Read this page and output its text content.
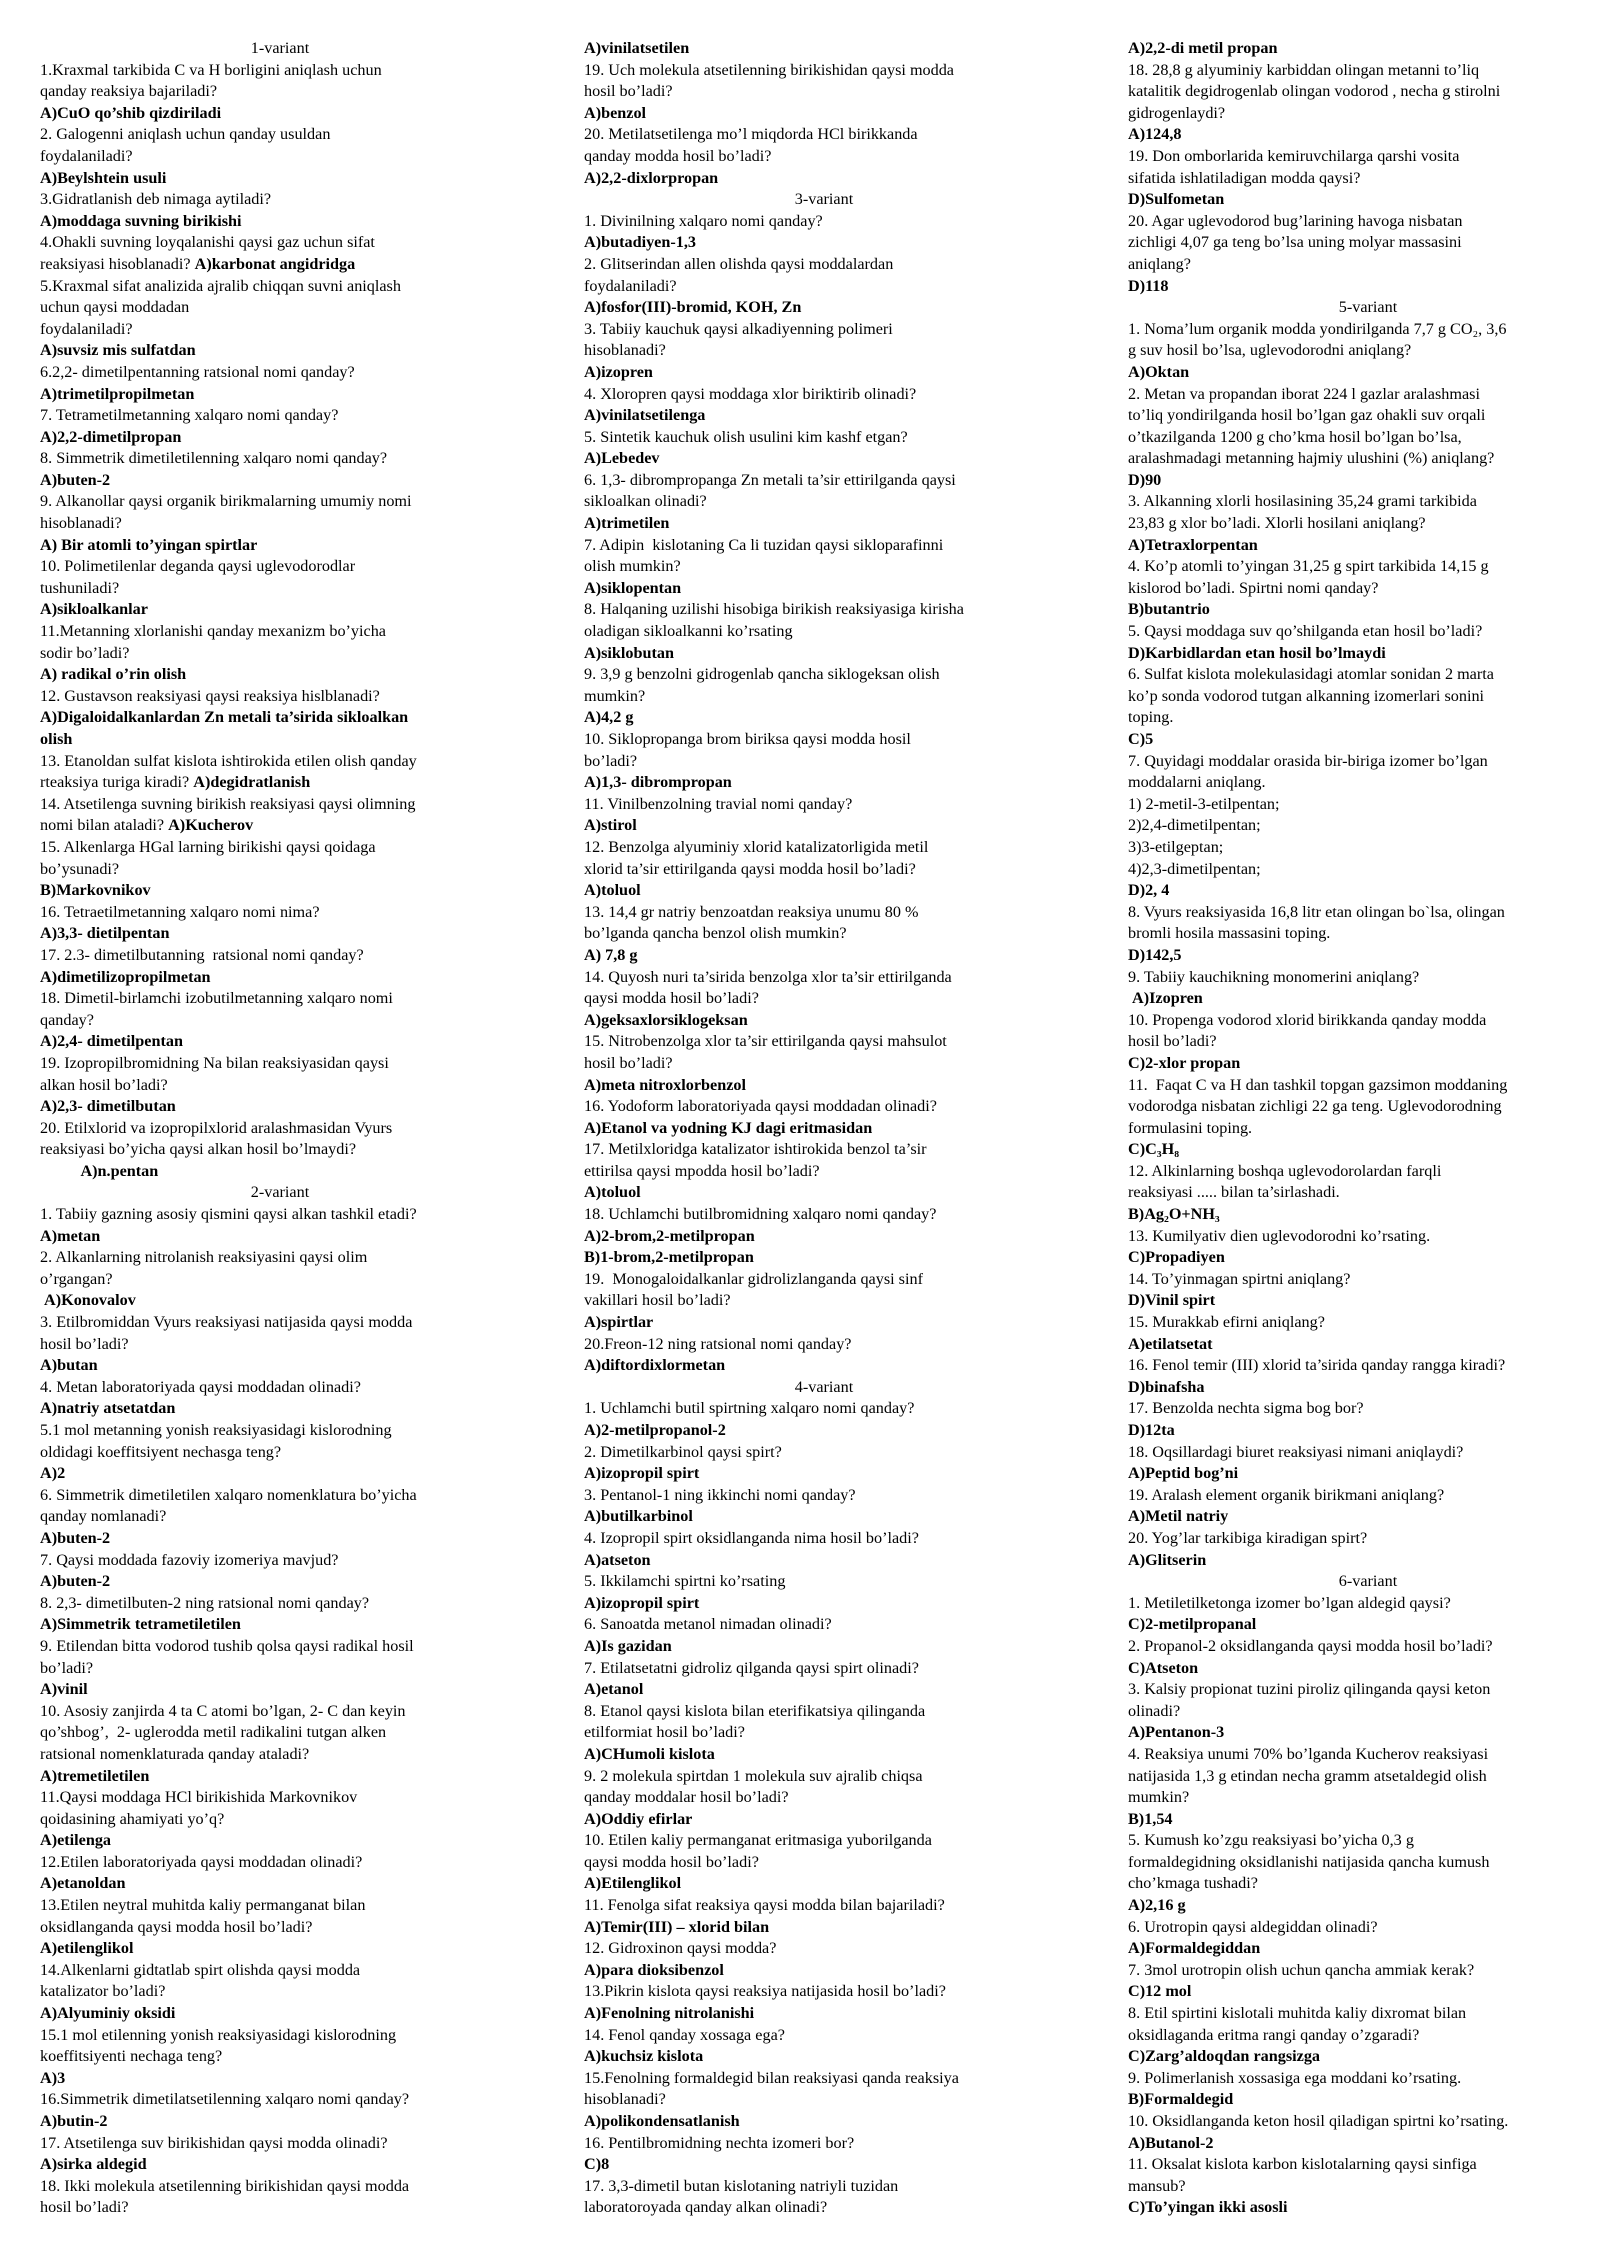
1-variant
1.Kraxmal tarkibida C va H borligini aniqlash uchun
qanday reaksiya bajariladi?
A)CuO qo’shib qizdiriladi
2. Galogenni aniqlash uchun qanday usuldan
foydalaniladi?
A)Beylshtein usuli
3.Gidratlanish deb nimaga aytiladi?
A)moddaga suvning birikishi
4.Ohakli suvning loyqalanishi qaysi gaz uchun sifat
reaksiyasi hisoblanadi? A)karbonat angidridga
5.Kraxmal sifat analizida ajralib chiqqan suvni aniqlash
uchun qaysi moddadan
foydalaniladi?
A)suvsiz mis sulfatdan
6.2,2- dimetilpentanning ratsional nomi qanday?
A)trimetilpropilmetan
7. Tetrametilmetanning xalqaro nomi qanday?
A)2,2-dimetilpropan
8. Simmetrik dimetiletilenning xalqaro nomi qanday?
A)buten-2
9. Alkanollar qaysi organik birikmalarning umumiy nomi
hisoblanadi?
A) Bir atomli to’yingan spirtlar
10. Polimetilenlar deganda qaysi uglevodorodlar
tushuniladi?
A)sikloalkanlar
11.Metanning xlorlanishi qanday mexanizm bo’yicha
sodir bo’ladi?
A) radikal o’rin olish
12. Gustavson reaksiyasi qaysi reaksiya hislblanadi?
A)Digaloidalkanlardan Zn metali ta’sirida sikloalkan
olish
13. Etanoldan sulfat kislota ishtirokida etilen olish qanday
rteaksiya turiga kiradi? A)degidratlanish
14. Atsetilenga suvning birikish reaksiyasi qaysi olimning
nomi bilan ataladi? A)Kucherov
15. Alkenlarga HGal larning birikishi qaysi qoidaga
bo’ysunadi?
B)Markovnikov
16. Tetraetilmetanning xalqaro nomi nima?
A)3,3- dietilpentan
17. 2.3- dimetilbutanning  ratsional nomi qanday?
A)dimetilizopropilmetan
18. Dimetil-birlamchi izobutilmetanning xalqaro nomi
qanday?
A)2,4- dimetilpentan
19. Izopropilbromidning Na bilan reaksiyasidan qaysi
alkan hosil bo’ladi?
A)2,3- dimetilbutan
20. Etilxlorid va izopropilxlorid aralashmasidan Vyurs
reaksiyasi bo’yicha qaysi alkan hosil bo’lmaydi?
A)n.pentan
2-variant
1. Tabiiy gazning asosiy qismini qaysi alkan tashkil etadi?
A)metan
2. Alkanlarning nitrolanish reaksiyasini qaysi olim
o’rgangan?
A)Konovalov
3. Etilbromiddan Vyurs reaksiyasi natijasida qaysi modda
hosil bo’ladi?
A)butan
4. Metan laboratoriyada qaysi moddadan olinadi?
A)natriy atsetatdan
5.1 mol metanning yonish reaksiyasidagi kislorodning
oldidagi koeffitsiyent nechasga teng?
A)2
6. Simmetrik dimetiletilen xalqaro nomenklatura bo’yicha
qanday nomlanadi?
A)buten-2
7. Qaysi moddada fazoviy izomeriya mavjud?
A)buten-2
8. 2,3- dimetilbuten-2 ning ratsional nomi qanday?
A)Simmetrik tetrametiletilen
9. Etilendan bitta vodorod tushib qolsa qaysi radikal hosil
bo’ladi?
A)vinil
10. Asosiy zanjirda 4 ta C atomi bo’lgan, 2- C dan keyin
qo’shbog’,  2- uglerodda metil radikalini tutgan alken
ratsional nomenklaturada qanday ataladi?
A)tremetiletilen
11.Qaysi moddaga HCl birikishida Markovnikov
qoidasining ahamiyati yo’q?
A)etilenga
12.Etilen laboratoriyada qaysi moddadan olinadi?
A)etanoldan
13.Etilen neytral muhitda kaliy permanganat bilan
oksidlanganda qaysi modda hosil bo’ladi?
A)etilenglikol
14.Alkenlarni gidtatlab spirt olishda qaysi modda
katalizator bo’ladi?
A)Alyuminiy oksidi
15.1 mol etilenning yonish reaksiyasidagi kislorodning
koeffitsiyenti nechaga teng?
A)3
16.Simmetrik dimetilatsetilenning xalqaro nomi qanday?
A)butin-2
17. Atsetilenga suv birikishidan qaysi modda olinadi?
A)sirka aldegid
18. Ikki molekula atsetilenning birikishidan qaysi modda
hosil bo’ladi?
A)vinilatsetilen
19. Uch molekula atsetilenning birikishidan qaysi modda
hosil bo’ladi?
A)benzol
20. Metilatsetilenga mo’l miqdorda HCl birikkanda
qanday modda hosil bo’ladi?
A)2,2-dixlorpropan
3-variant
1. Divinilning xalqaro nomi qanday?
A)butadiyen-1,3
2. Glitserindan allen olishda qaysi moddalardan
foydalaniladi?
A)fosfor(III)-bromid, KOH, Zn
3. Tabiiy kauchuk qaysi alkadiyenning polimeri
hisoblanadi?
A)izopren
4. Xloropren qaysi moddaga xlor biriktirib olinadi?
A)vinilatsetilenga
5. Sintetik kauchuk olish usulini kim kashf etgan?
A)Lebedev
6. 1,3- dibrompropanga Zn metali ta’sir ettirilganda qaysi
sikloalkan olinadi?
A)trimetilen
7. Adipin  kislotaning Ca li tuzidan qaysi sikloparafinni
olish mumkin?
A)siklopentan
8. Halqaning uzilishi hisobiga birikish reaksiyasiga kirisha
oladigan sikloalkanni ko’rsating
A)siklobutan
9. 3,9 g benzolni gidrogenlab qancha siklogeksan olish
mumkin?
A)4,2 g
10. Siklopropanga brom biriksa qaysi modda hosil
bo’ladi?
A)1,3- dibrompropan
11. Vinilbenzolning travial nomi qanday?
A)stirol
12. Benzolga alyuminiy xlorid katalizatorligida metil
xlorid ta’sir ettirilganda qaysi modda hosil bo’ladi?
A)toluol
13. 14,4 gr natriy benzoatdan reaksiya unumu 80 %
bo’lganda qancha benzol olish mumkin?
A) 7,8 g
14. Quyosh nuri ta’sirida benzolga xlor ta’sir ettirilganda
qaysi modda hosil bo’ladi?
A)geksaxlorsiklogeksan
15. Nitrobenzolga xlor ta’sir ettirilganda qaysi mahsulot
hosil bo’ladi?
A)meta nitroxlorbenzol
16. Yodoform laboratoriyada qaysi moddadan olinadi?
A)Etanol va yodning KJ dagi eritmasidan
17. Metilxloridga katalizator ishtirokida benzol ta’sir
ettirilsa qaysi mpodda hosil bo’ladi?
A)toluol
18. Uchlamchi butilbromidning xalqaro nomi qanday?
A)2-brom,2-metilpropan
B)1-brom,2-metilpropan
19.  Monogaloidalkanlar gidrolizlanganda qaysi sinf
vakillari hosil bo’ladi?
A)spirtlar
20.Freon-12 ning ratsional nomi qanday?
A)diftordixlormetan
4-variant
1. Uchlamchi butil spirtning xalqaro nomi qanday?
A)2-metilpropanol-2
2. Dimetilkarbinol qaysi spirt?
A)izopropil spirt
3. Pentanol-1 ning ikkinchi nomi qanday?
A)butilkarbinol
4. Izopropil spirt oksidlanganda nima hosil bo’ladi?
A)atseton
5. Ikkilamchi spirtni ko’rsating
A)izopropil spirt
6. Sanoatda metanol nimadan olinadi?
A)Is gazidan
7. Etilatsetatni gidroliz qilganda qaysi spirt olinadi?
A)etanol
8. Etanol qaysi kislota bilan eterifikatsiya qilinganda
etilformiat hosil bo’ladi?
A)CHumoli kislota
9. 2 molekula spirtdan 1 molekula suv ajralib chiqsa
qanday moddalar hosil bo’ladi?
A)Oddiy efirlar
10. Etilen kaliy permanganat eritmasiga yuborilganda
qaysi modda hosil bo’ladi?
A)Etilenglikol
11. Fenolga sifat reaksiya qaysi modda bilan bajariladi?
A)Temir(III) – xlorid bilan
12. Gidroxinon qaysi modda?
A)para dioksibenzol
13.Pikrin kislota qaysi reaksiya natijasida hosil bo’ladi?
A)Fenolning nitrolanishi
14. Fenol qanday xossaga ega?
A)kuchsiz kislota
15.Fenolning formaldegid bilan reaksiyasi qanda reaksiya
hisoblanadi?
A)polikondensatlanish
16. Pentilbromidning nechta izomeri bor?
C)8
17. 3,3-dimetil butan kislotaning natriyli tuzidan
laboratoroyada qanday alkan olinadi?
A)2,2-di metil propan
18. 28,8 g alyuminiy karbiddan olingan metanni to’liq
katalitik degidrogenlab olingan vodorod , necha g stirolni
gidrogenlaydi?
A)124,8
19. Don omborlarida kemiruvchilarga qarshi vosita
sifatida ishlatiladigan modda qaysi?
D)Sulfometan
20. Agar uglevodorod bug’larining havoga nisbatan
zichligi 4,07 ga teng bo’lsa uning molyar massasini
aniqlang?
D)118
5-variant
1. Noma’lum organik modda yondirilganda 7,7 g CO₂, 3,6
g suv hosil bo’lsa, uglevodorodni aniqlang?
A)Oktan
2. Metan va propandan iborat 224 l gazlar aralashmasi
to’liq yondirilganda hosil bo’lgan gaz ohakli suv orqali
o’tkazilganda 1200 g cho’kma hosil bo’lgan bo’lsa,
aralashmadagi metanning hajmiy ulushini (%) aniqlang?
D)90
3. Alkanning xlorli hosilasining 35,24 grami tarkibida
23,83 g xlor bo’ladi. Xlorli hosilani aniqlang?
A)Tetraxlorpentan
4. Ko’p atomli to’yingan 31,25 g spirt tarkibida 14,15 g
kislorod bo’ladi. Spirtni nomi qanday?
B)butantrio
5. Qaysi moddaga suv qo’shilganda etan hosil bo’ladi?
D)Karbidlardan etan hosil bo’lmaydi
6. Sulfat kislota molekulasidagi atomlar sonidan 2 marta
ko’p sonda vodorod tutgan alkanning izomerlari sonini
toping.
C)5
7. Quyidagi moddalar orasida bir-biriga izomer bo’lgan
moddalarni aniqlang.
1) 2-metil-3-etilpentan;
2)2,4-dimetilpentan;
3)3-etilgeptan;
4)2,3-dimetilpentan;
D)2, 4
8. Vyurs reaksiyasida 16,8 litr etan olingan bo`lsa, olingan
bromli hosila massasini toping.
D)142,5
9. Tabiiy kauchikning monomerini aniqlang?
A)Izopren
10. Propenga vodorod xlorid birikkanda qanday modda
hosil bo’ladi?
C)2-xlor propan
11.  Faqat C va H dan tashkil topgan gazsimon moddaning
vodorodga nisbatan zichligi 22 ga teng. Uglevodorodning
formulasini toping.
C)C₃H₈
12. Alkinlarning boshqa uglevodorolardan farqli
reaksiyasi ..... bilan ta’sirlashadi.
B)Ag₂O+NH₃
13. Kumilyativ dien uglevodorodni ko’rsating.
C)Propadiyen
14. To’yinmagan spirtni aniqlang?
D)Vinil spirt
15. Murakkab efirni aniqlang?
A)etilatsetat
16. Fenol temir (III) xlorid ta’sirida qanday rangga kiradi?
D)binafsha
17. Benzolda nechta sigma bog bor?
D)12ta
18. Oqsillardagi biuret reaksiyasi nimani aniqlaydi?
A)Peptid bog’ni
19. Aralash element organik birikmani aniqlang?
A)Metil natriy
20. Yog’lar tarkibiga kiradigan spirt?
A)Glitserin
6-variant
1. Metiletilketonga izomer bo’lgan aldegid qaysi?
C)2-metilpropanal
2. Propanol-2 oksidlanganda qaysi modda hosil bo’ladi?
C)Atseton
3. Kalsiy propionat tuzini piroliz qilinganda qaysi keton
olinadi?
A)Pentanon-3
4. Reaksiya unumi 70% bo’lganda Kucherov reaksiyasi
natijasida 1,3 g etindan necha gramm atsetaldegid olish
mumkin?
B)1,54
5. Kumush ko’zgu reaksiyasi bo’yicha 0,3 g
formaldegidning oksidlanishi natijasida qancha kumush
cho’kmaga tushadi?
A)2,16 g
6. Urotropin qaysi aldegiddan olinadi?
A)Formaldegiddan
7. 3mol urotropin olish uchun qancha ammiak kerak?
C)12 mol
8. Etil spirtini kislotali muhitda kaliy dixromat bilan
oksidlaganda eritma rangi qanday o’zgaradi?
C)Zarg’aldoqdan rangsizga
9. Polimerlanish xossasiga ega moddani ko’rsating.
B)Formaldegid
10. Oksidlanganda keton hosil qiladigan spirtni ko’rsating.
A)Butanol-2
11. Oksalat kislota karbon kislotalarning qaysi sinfiga
mansub?
C)To’yingan ikki asosli
